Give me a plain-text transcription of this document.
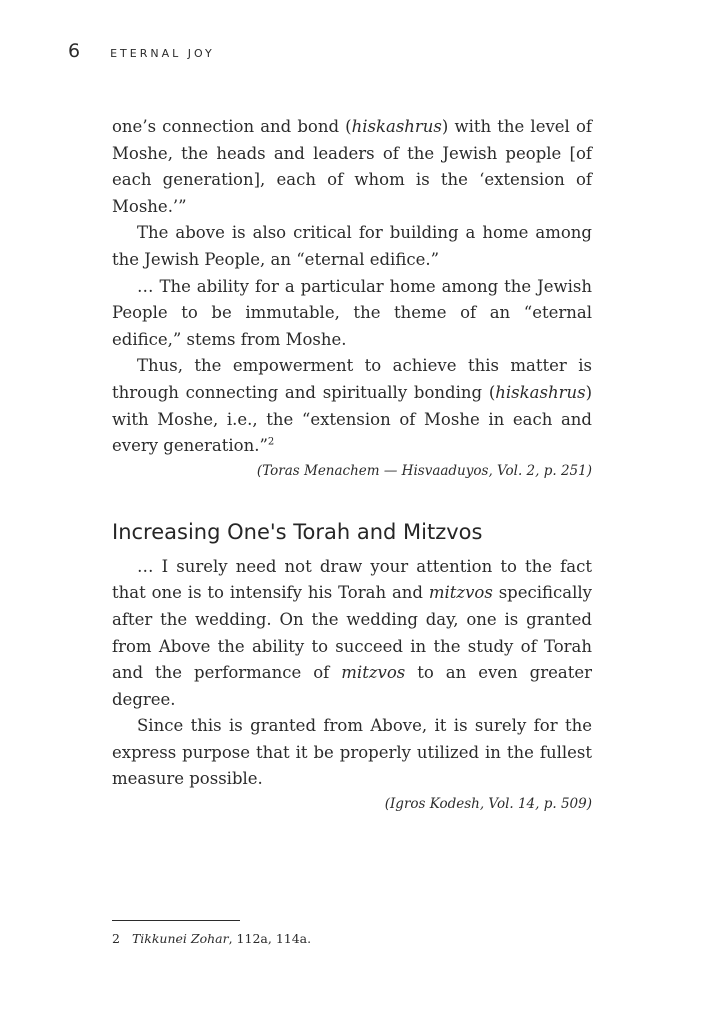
6	ETERNAL JOY

one’s connection and bond (hiskashrus) with the level of Moshe, the heads and leaders of the Jewish people [of each generation], each of whom is the ‘extension of Moshe.’”

The above is also critical for building a home among the Jewish People, an “eternal edifice.”

… The ability for a particular home among the Jewish People to be immutable, the theme of an “eternal edifice,” stems from Moshe.

Thus, the empowerment to achieve this matter is through connecting and spiritually bonding (hiskashrus) with Moshe, i.e., the “extension of Moshe in each and every generation.”$^2$

(Toras Menachem — Hisvaaduyos, Vol. 2, p. 251)

Increasing One's Torah and Mitzvos

… I surely need not draw your attention to the fact that one is to intensify his Torah and mitzvos specifically after the wedding. On the wedding day, one is granted from Above the ability to succeed in the study of Torah and the performance of mitzvos to an even greater degree.

Since this is granted from Above, it is surely for the express purpose that it be properly utilized in the fullest measure possible.

(Igros Kodesh, Vol. 14, p. 509)

2 Tikkunei Zohar, 112a, 114a.
